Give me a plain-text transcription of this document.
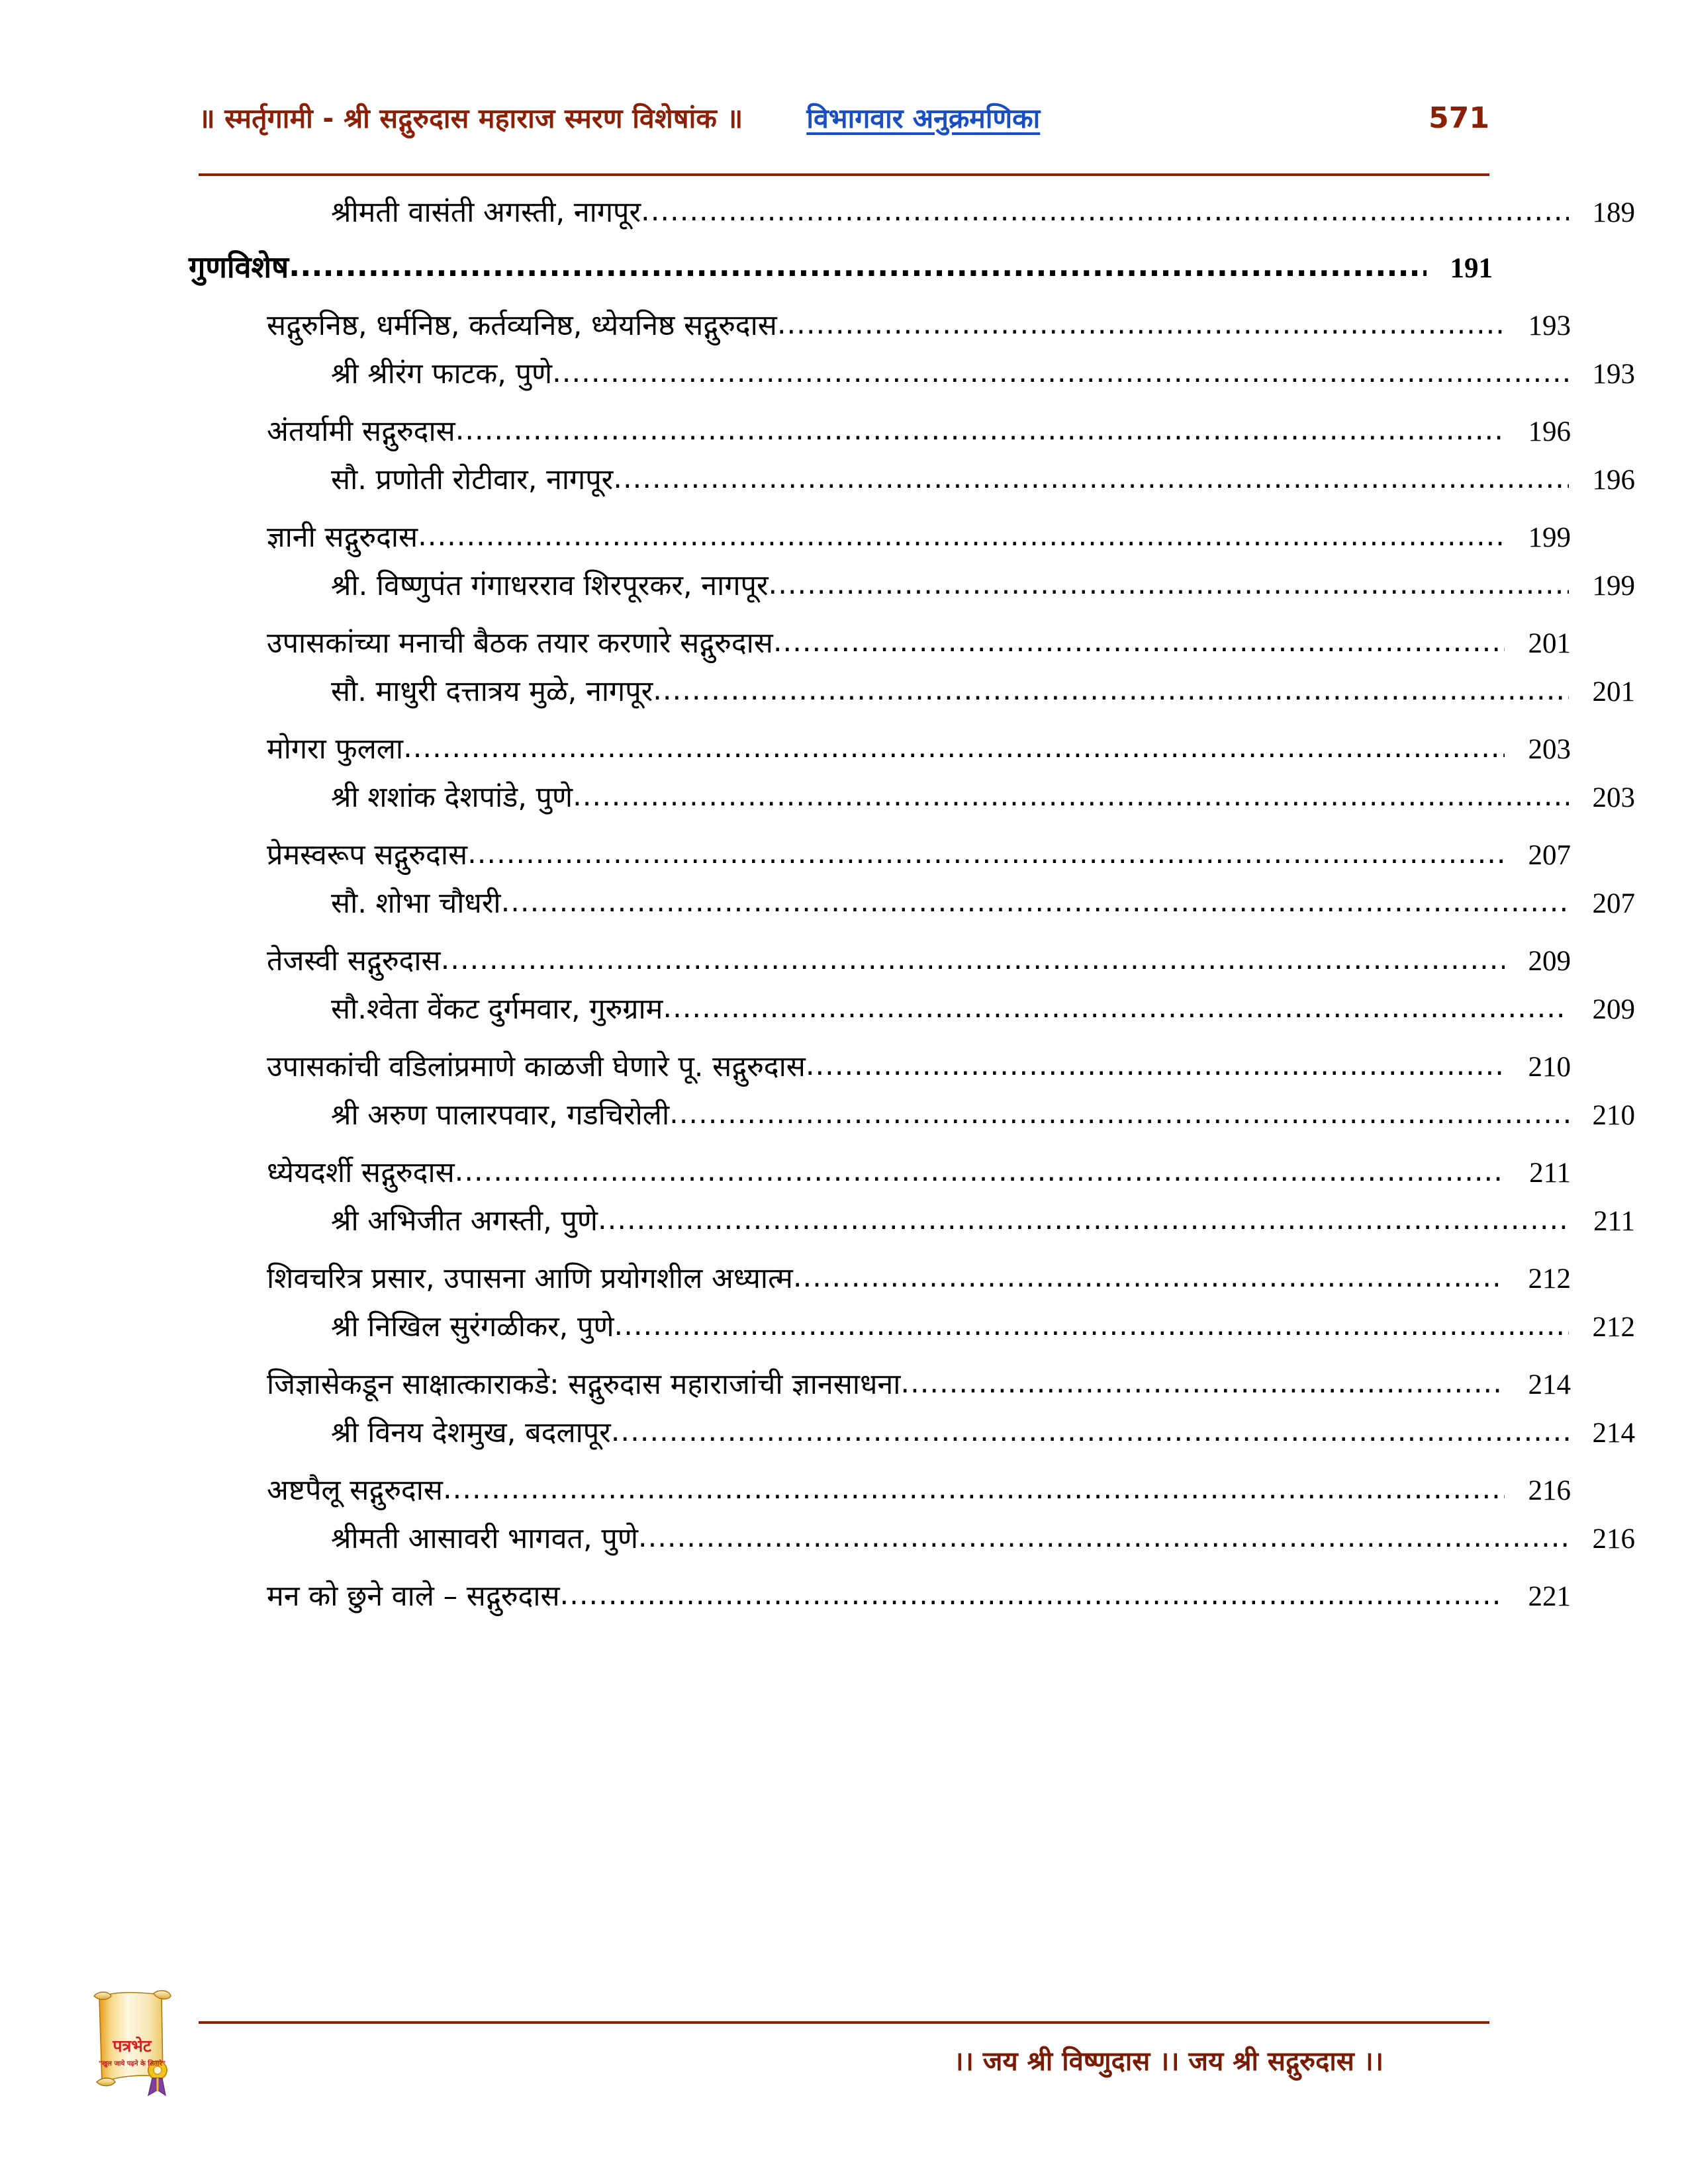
॥ स्मर्तृगामी - श्री सद्गुरुदास महाराज स्मरण विशेषांक ॥ विभागवार अनुक्रमणिका	571
श्रीमती वासंती अगस्ती, नागपूर .....	189
गुणविशेष .....	191
सद्गुरुनिष्ठ, धर्मनिष्ठ, कर्तव्यनिष्ठ, ध्येयनिष्ठ सद्गुरुदास .....	193
श्री श्रीरंग फाटक, पुणे .....	193
अंतर्यामी सद्गुरुदास .....	196
सौ. प्रणोती रोटीवार, नागपूर .....	196
ज्ञानी सद्गुरुदास .....	199
श्री. विष्णुपंत गंगाधरराव शिरपूरकर, नागपूर .....	199
उपासकांच्या मनाची बैठक तयार करणारे सद्गुरुदास .....	201
सौ. माधुरी दत्तात्रय मुळे, नागपूर .....	201
मोगरा फुलला .....	203
श्री शशांक देशपांडे, पुणे .....	203
प्रेमस्वरूप सद्गुरुदास .....	207
सौ. शोभा चौधरी .....	207
तेजस्वी सद्गुरुदास .....	209
सौ.श्वेता वेंकट दुर्गमवार, गुरुग्राम .....	209
उपासकांची वडिलांप्रमाणे काळजी घेणारे पू. सद्गुरुदास .....	210
श्री अरुण पालारपवार, गडचिरोली .....	210
ध्येयदर्शी सद्गुरुदास .....	211
श्री अभिजीत अगस्ती, पुणे .....	211
शिवचरित्र प्रसार, उपासना आणि प्रयोगशील अध्यात्म .....	212
श्री निखिल सुरंगळीकर, पुणे .....	212
जिज्ञासेकडून साक्षात्काराकडे: सद्गुरुदास महाराजांची ज्ञानसाधना .....	214
श्री विनय देशमुख, बदलापूर .....	214
अष्टपैलू सद्गुरुदास .....	216
श्रीमती आसावरी भागवत, पुणे .....	216
मन को छुने वाले – सद्गुरुदास .....	221
।। जय श्री विष्णुदास ।। जय श्री सद्गुरुदास ।।
पत्रभेट
"खुल जाये पढ़ने के सितारे"
